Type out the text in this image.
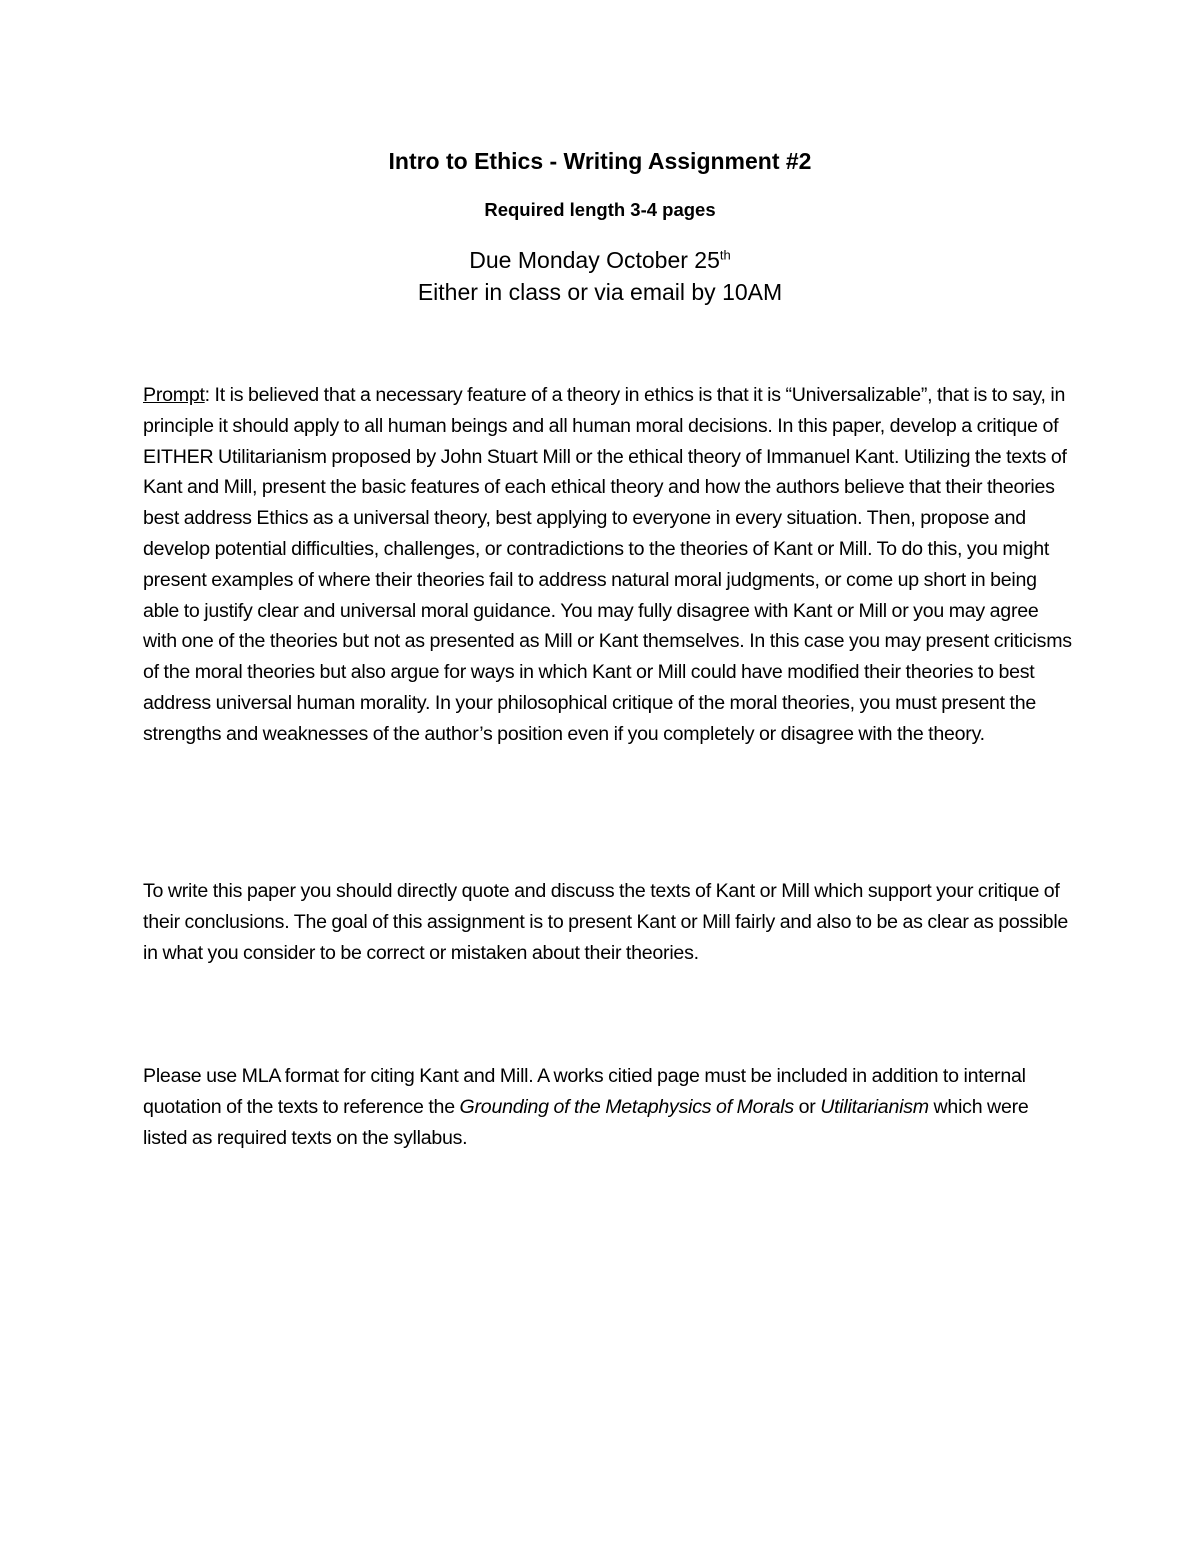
Intro to Ethics - Writing Assignment #2

Required length 3-4 pages

Due Monday October 25th
Either in class or via email by 10AM

Prompt: It is believed that a necessary feature of a theory in ethics is that it is “Universalizable”, that is to say, in principle it should apply to all human beings and all human moral decisions. In this paper, develop a critique of EITHER Utilitarianism proposed by John Stuart Mill or the ethical theory of Immanuel Kant. Utilizing the texts of Kant and Mill, present the basic features of each ethical theory and how the authors believe that their theories best address Ethics as a universal theory, best applying to everyone in every situation. Then, propose and develop potential difficulties, challenges, or contradictions to the theories of Kant or Mill. To do this, you might present examples of where their theories fail to address natural moral judgments, or come up short in being able to justify clear and universal moral guidance. You may fully disagree with Kant or Mill or you may agree with one of the theories but not as presented as Mill or Kant themselves. In this case you may present criticisms of the moral theories but also argue for ways in which Kant or Mill could have modified their theories to best address universal human morality. In your philosophical critique of the moral theories, you must present the strengths and weaknesses of the author’s position even if you completely or disagree with the theory.

To write this paper you should directly quote and discuss the texts of Kant or Mill which support your critique of their conclusions. The goal of this assignment is to present Kant or Mill fairly and also to be as clear as possible in what you consider to be correct or mistaken about their theories.

Please use MLA format for citing Kant and Mill. A works citied page must be included in addition to internal quotation of the texts to reference the Grounding of the Metaphysics of Morals or Utilitarianism which were listed as required texts on the syllabus.
